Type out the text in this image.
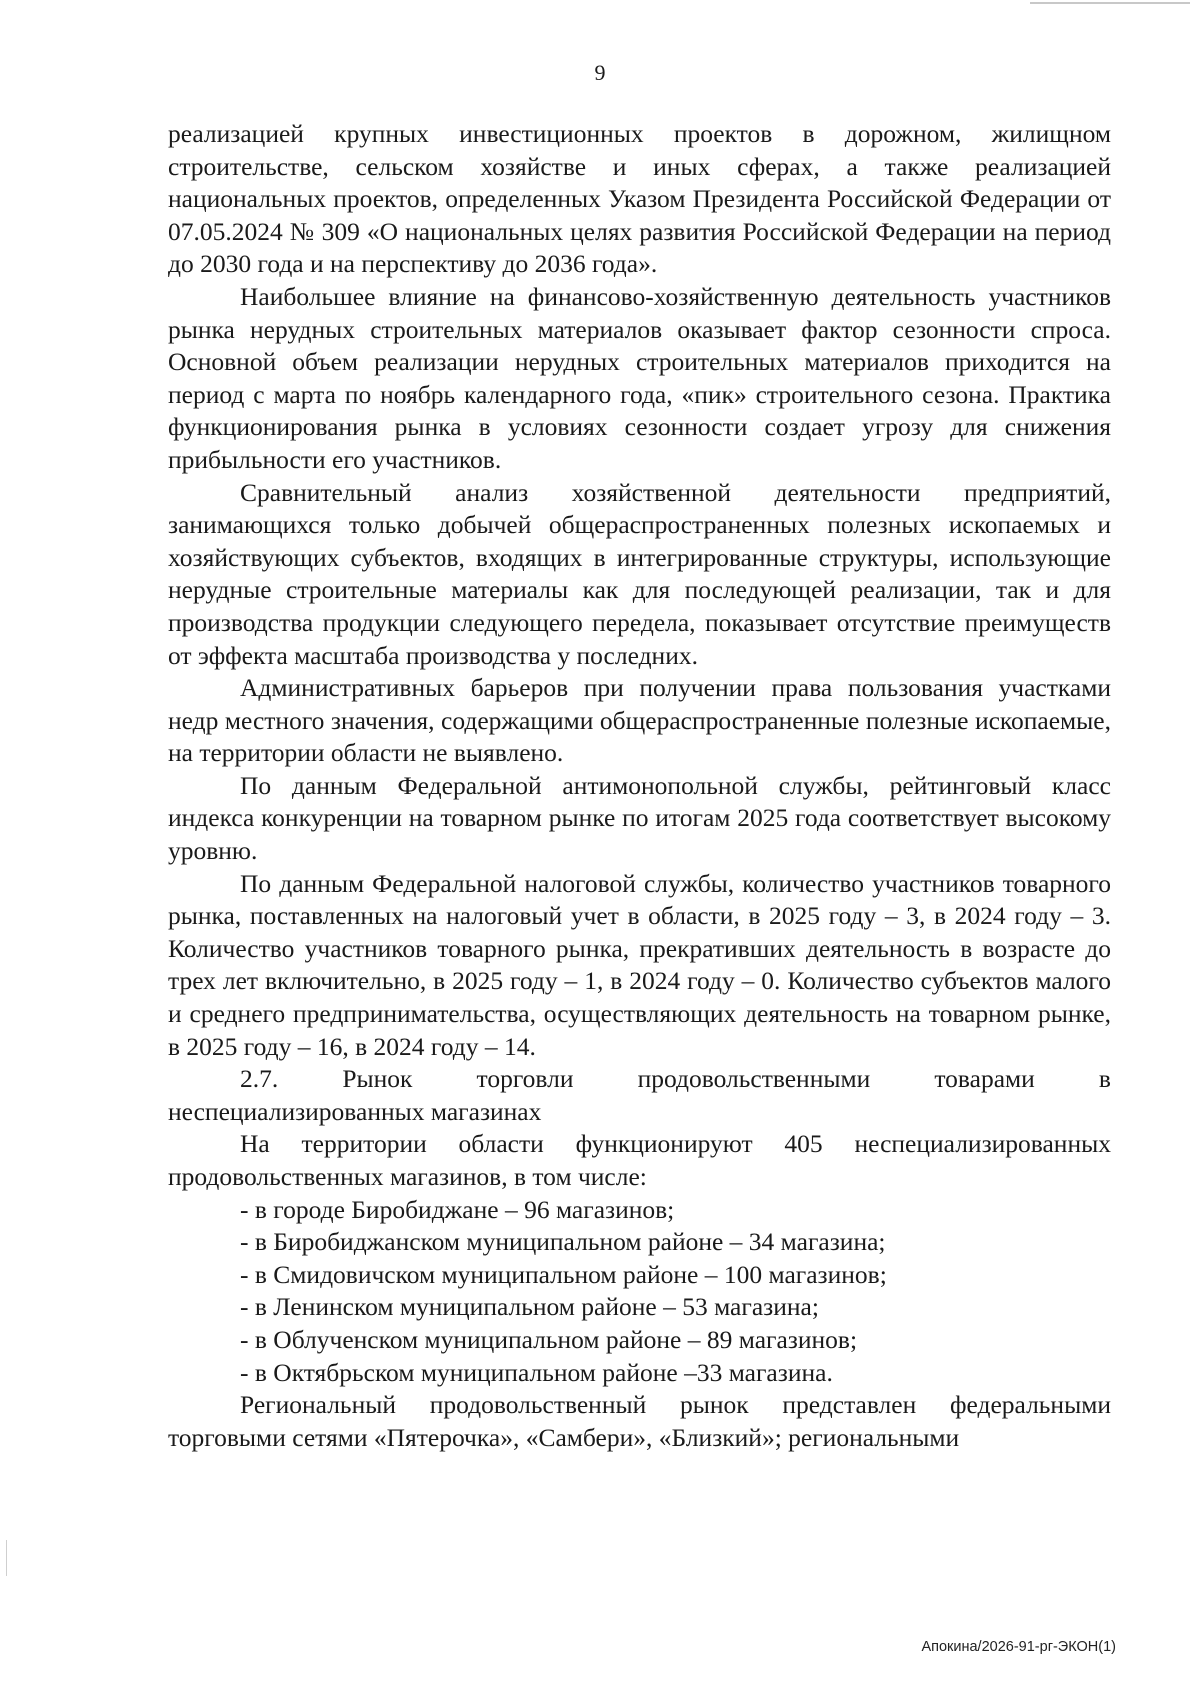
9

реализацией крупных инвестиционных проектов в дорожном, жилищном строительстве, сельском хозяйстве и иных сферах, а также реализацией национальных проектов, определенных Указом Президента Российской Федерации от 07.05.2024 № 309 «О национальных целях развития Российской Федерации на период до 2030 года и на перспективу до 2036 года».

Наибольшее влияние на финансово-хозяйственную деятельность участников рынка нерудных строительных материалов оказывает фактор сезонности спроса. Основной объем реализации нерудных строительных материалов приходится на период с марта по ноябрь календарного года, «пик» строительного сезона. Практика функционирования рынка в условиях сезонности создает угрозу для снижения прибыльности его участников.

Сравнительный анализ хозяйственной деятельности предприятий, занимающихся только добычей общераспространенных полезных ископаемых и хозяйствующих субъектов, входящих в интегрированные структуры, использующие нерудные строительные материалы как для последующей реализации, так и для производства продукции следующего передела, показывает отсутствие преимуществ от эффекта масштаба производства у последних.

Административных барьеров при получении права пользования участками недр местного значения, содержащими общераспространенные полезные ископаемые, на территории области не выявлено.

По данным Федеральной антимонопольной службы, рейтинговый класс индекса конкуренции на товарном рынке по итогам 2025 года соответствует высокому уровню.

По данным Федеральной налоговой службы, количество участников товарного рынка, поставленных на налоговый учет в области, в 2025 году – 3, в 2024 году – 3. Количество участников товарного рынка, прекративших деятельность в возрасте до трех лет включительно, в 2025 году – 1, в 2024 году – 0. Количество субъектов малого и среднего предпринимательства, осуществляющих деятельность на товарном рынке, в 2025 году – 16, в 2024 году – 14.

2.7.	Рынок	торговли	продовольственными	товарами	в

неспециализированных магазинах

На территории области функционируют 405 неспециализированных продовольственных магазинов, в том числе:

- в городе Биробиджане – 96 магазинов;

- в Биробиджанском муниципальном районе – 34 магазина;

- в Смидовичском муниципальном районе – 100 магазинов;

- в Ленинском муниципальном районе – 53 магазина;

- в Облученском муниципальном районе – 89 магазинов;

- в Октябрьском муниципальном районе –33 магазина.

Региональный продовольственный рынок представлен федеральными торговыми сетями «Пятерочка», «Самбери», «Близкий»; региональными

Апокина/2026-91-рг-ЭКОН(1)
